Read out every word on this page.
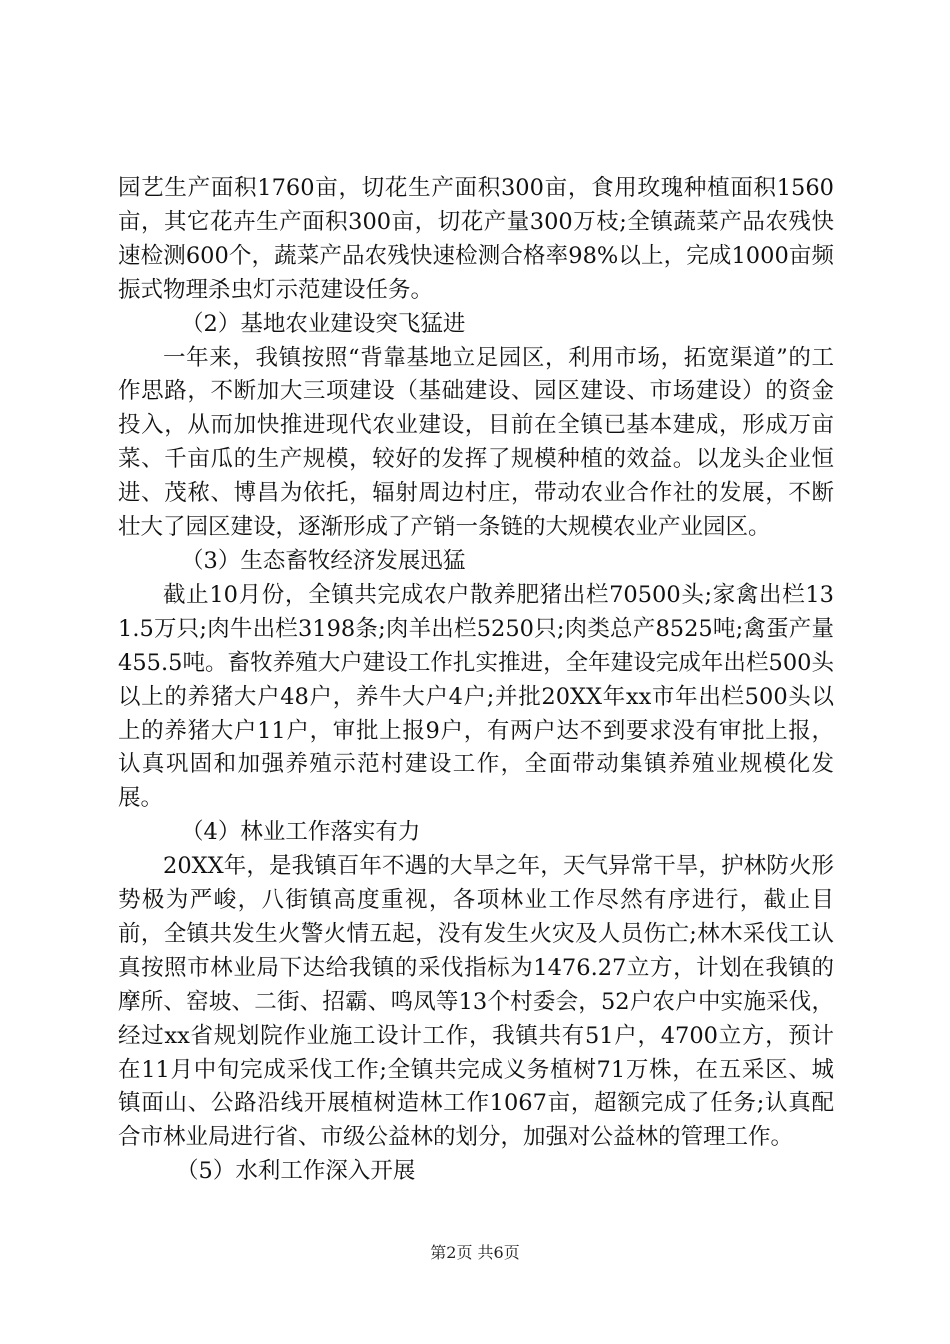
园艺生产面积1760亩，切花生产面积300亩，食用玫瑰种植面积1560亩，其它花卉生产面积300亩，切花产量300万枝;全镇蔬菜产品农残快速检测600个，蔬菜产品农残快速检测合格率98%以上，完成1000亩频振式物理杀虫灯示范建设任务。

（2）基地农业建设突飞猛进

一年来，我镇按照“背靠基地立足园区，利用市场，拓宽渠道”的工作思路，不断加大三项建设（基础建设、园区建设、市场建设）的资金投入，从而加快推进现代农业建设，目前在全镇已基本建成，形成万亩菜、千亩瓜的生产规模，较好的发挥了规模种植的效益。以龙头企业恒进、茂秾、博昌为依托，辐射周边村庄，带动农业合作社的发展，不断壮大了园区建设，逐渐形成了产销一条链的大规模农业产业园区。

（3）生态畜牧经济发展迅猛

截止10月份，全镇共完成农户散养肥猪出栏70500头;家禽出栏131.5万只;肉牛出栏3198条;肉羊出栏5250只;肉类总产8525吨;禽蛋产量455.5吨。畜牧养殖大户建设工作扎实推进，全年建设完成年出栏500头以上的养猪大户48户，养牛大户4户;并批20XX年xx市年出栏500头以上的养猪大户11户，审批上报9户，有两户达不到要求没有审批上报，认真巩固和加强养殖示范村建设工作，全面带动集镇养殖业规模化发展。

（4）林业工作落实有力

20XX年，是我镇百年不遇的大旱之年，天气异常干旱，护林防火形势极为严峻，八街镇高度重视，各项林业工作尽然有序进行，截止目前，全镇共发生火警火情五起，没有发生火灾及人员伤亡;林木采伐工认真按照市林业局下达给我镇的采伐指标为1476.27立方，计划在我镇的摩所、窑坡、二街、招霸、鸣凤等13个村委会，52户农户中实施采伐，经过xx省规划院作业施工设计工作，我镇共有51户，4700立方，预计在11月中旬完成采伐工作;全镇共完成义务植树71万株，在五采区、城镇面山、公路沿线开展植树造林工作1067亩，超额完成了任务;认真配合市林业局进行省、市级公益林的划分，加强对公益林的管理工作。

（5）水利工作深入开展

第2页 共6页
